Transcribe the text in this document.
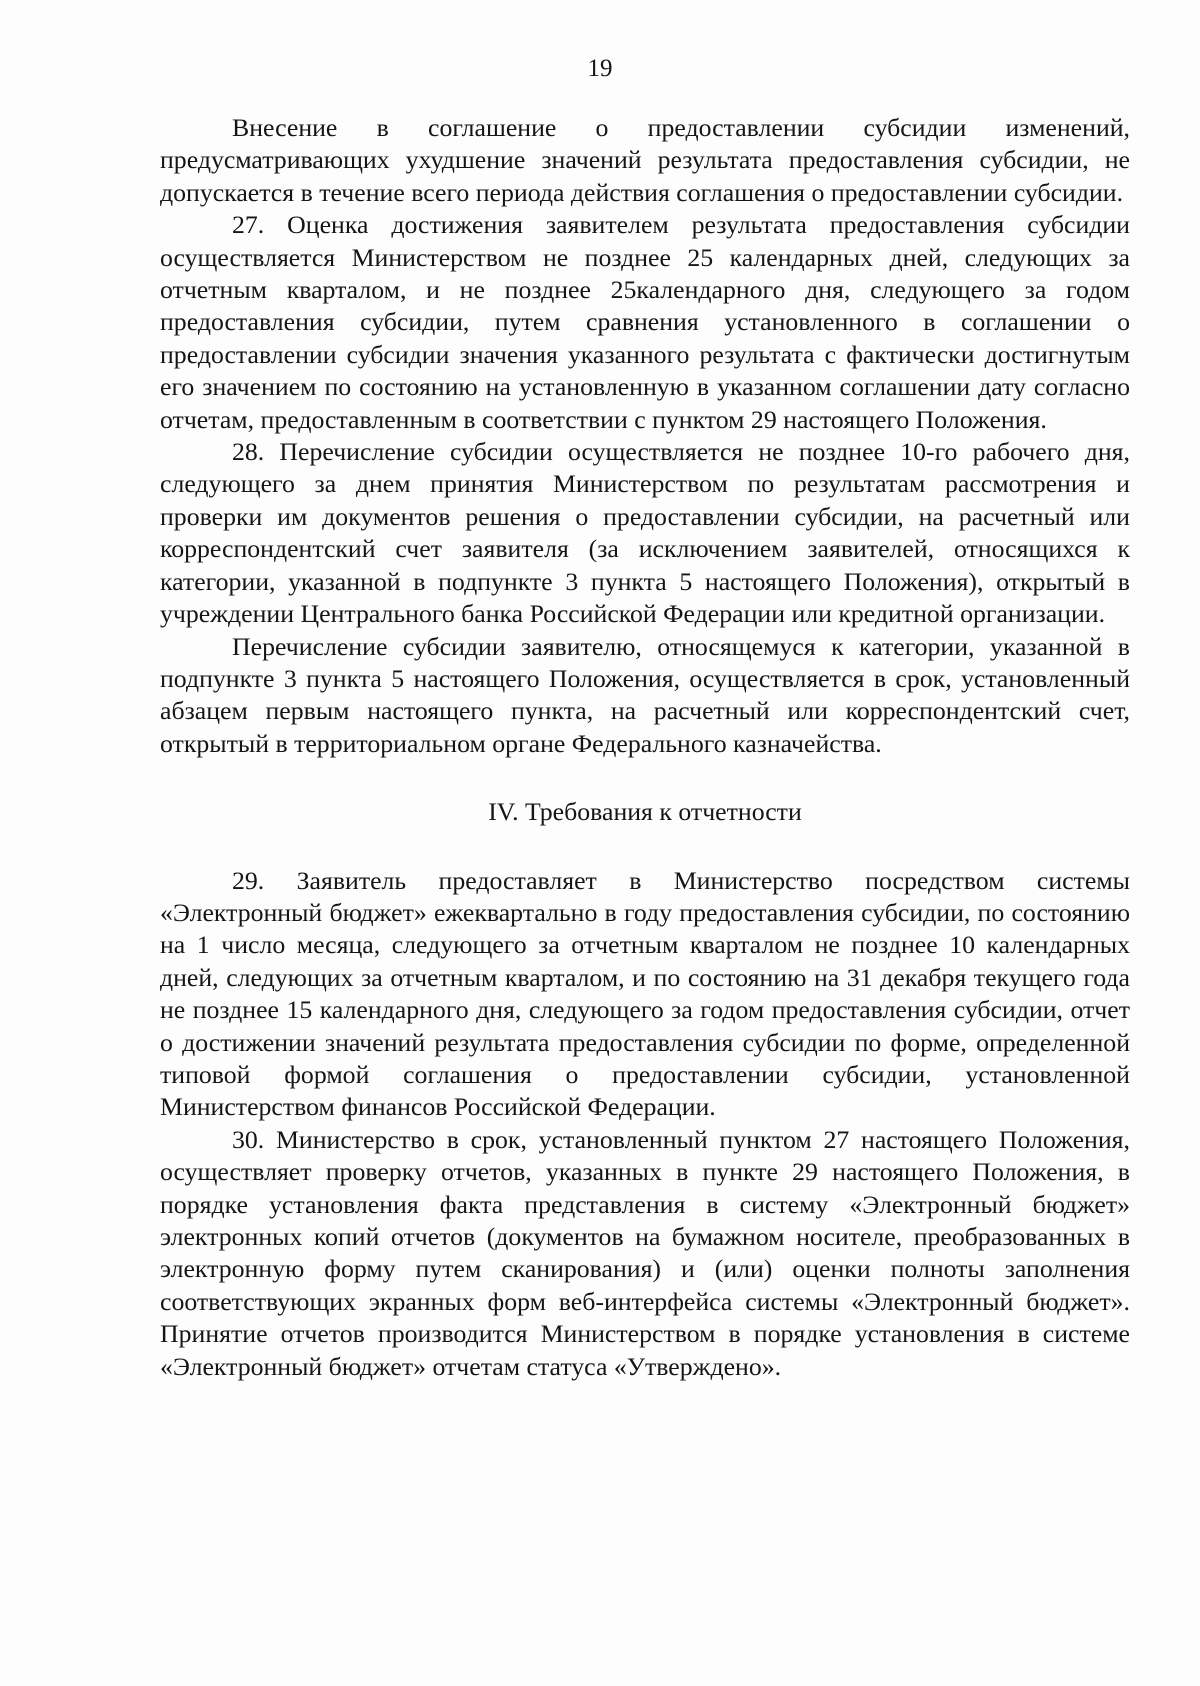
19

Внесение в соглашение о предоставлении субсидии изменений, предусматривающих ухудшение значений результата предоставления субсидии, не допускается в течение всего периода действия соглашения о предоставлении субсидии.

27. Оценка достижения заявителем результата предоставления субсидии осуществляется Министерством не позднее 25 календарных дней, следующих за отчетным кварталом, и не позднее 25календарного дня, следующего за годом предоставления субсидии, путем сравнения установленного в соглашении о предоставлении субсидии значения указанного результата с фактически достигнутым его значением по состоянию на установленную в указанном соглашении дату согласно отчетам, предоставленным в соответствии с пунктом 29 настоящего Положения.

28. Перечисление субсидии осуществляется не позднее 10-го рабочего дня, следующего за днем принятия Министерством по результатам рассмотрения и проверки им документов решения о предоставлении субсидии, на расчетный или корреспондентский счет заявителя (за исключением заявителей, относящихся к категории, указанной в подпункте 3 пункта 5 настоящего Положения), открытый в учреждении Центрального банка Российской Федерации или кредитной организации.

Перечисление субсидии заявителю, относящемуся к категории, указанной в подпункте 3 пункта 5 настоящего Положения, осуществляется в срок, установленный абзацем первым настоящего пункта, на расчетный или корреспондентский счет, открытый в территориальном органе Федерального казначейства.

IV. Требования к отчетности

29. Заявитель предоставляет в Министерство посредством системы «Электронный бюджет» ежеквартально в году предоставления субсидии, по состоянию на 1 число месяца, следующего за отчетным кварталом не позднее 10 календарных дней, следующих за отчетным кварталом, и по состоянию на 31 декабря текущего года не позднее 15 календарного дня, следующего за годом предоставления субсидии, отчет о достижении значений результата предоставления субсидии по форме, определенной типовой формой соглашения о предоставлении субсидии, установленной Министерством финансов Российской Федерации.

30. Министерство в срок, установленный пунктом 27 настоящего Положения, осуществляет проверку отчетов, указанных в пункте 29 настоящего Положения, в порядке установления факта представления в систему «Электронный бюджет» электронных копий отчетов (документов на бумажном носителе, преобразованных в электронную форму путем сканирования) и (или) оценки полноты заполнения соответствующих экранных форм веб-интерфейса системы «Электронный бюджет». Принятие отчетов производится Министерством в порядке установления в системе «Электронный бюджет» отчетам статуса «Утверждено».
